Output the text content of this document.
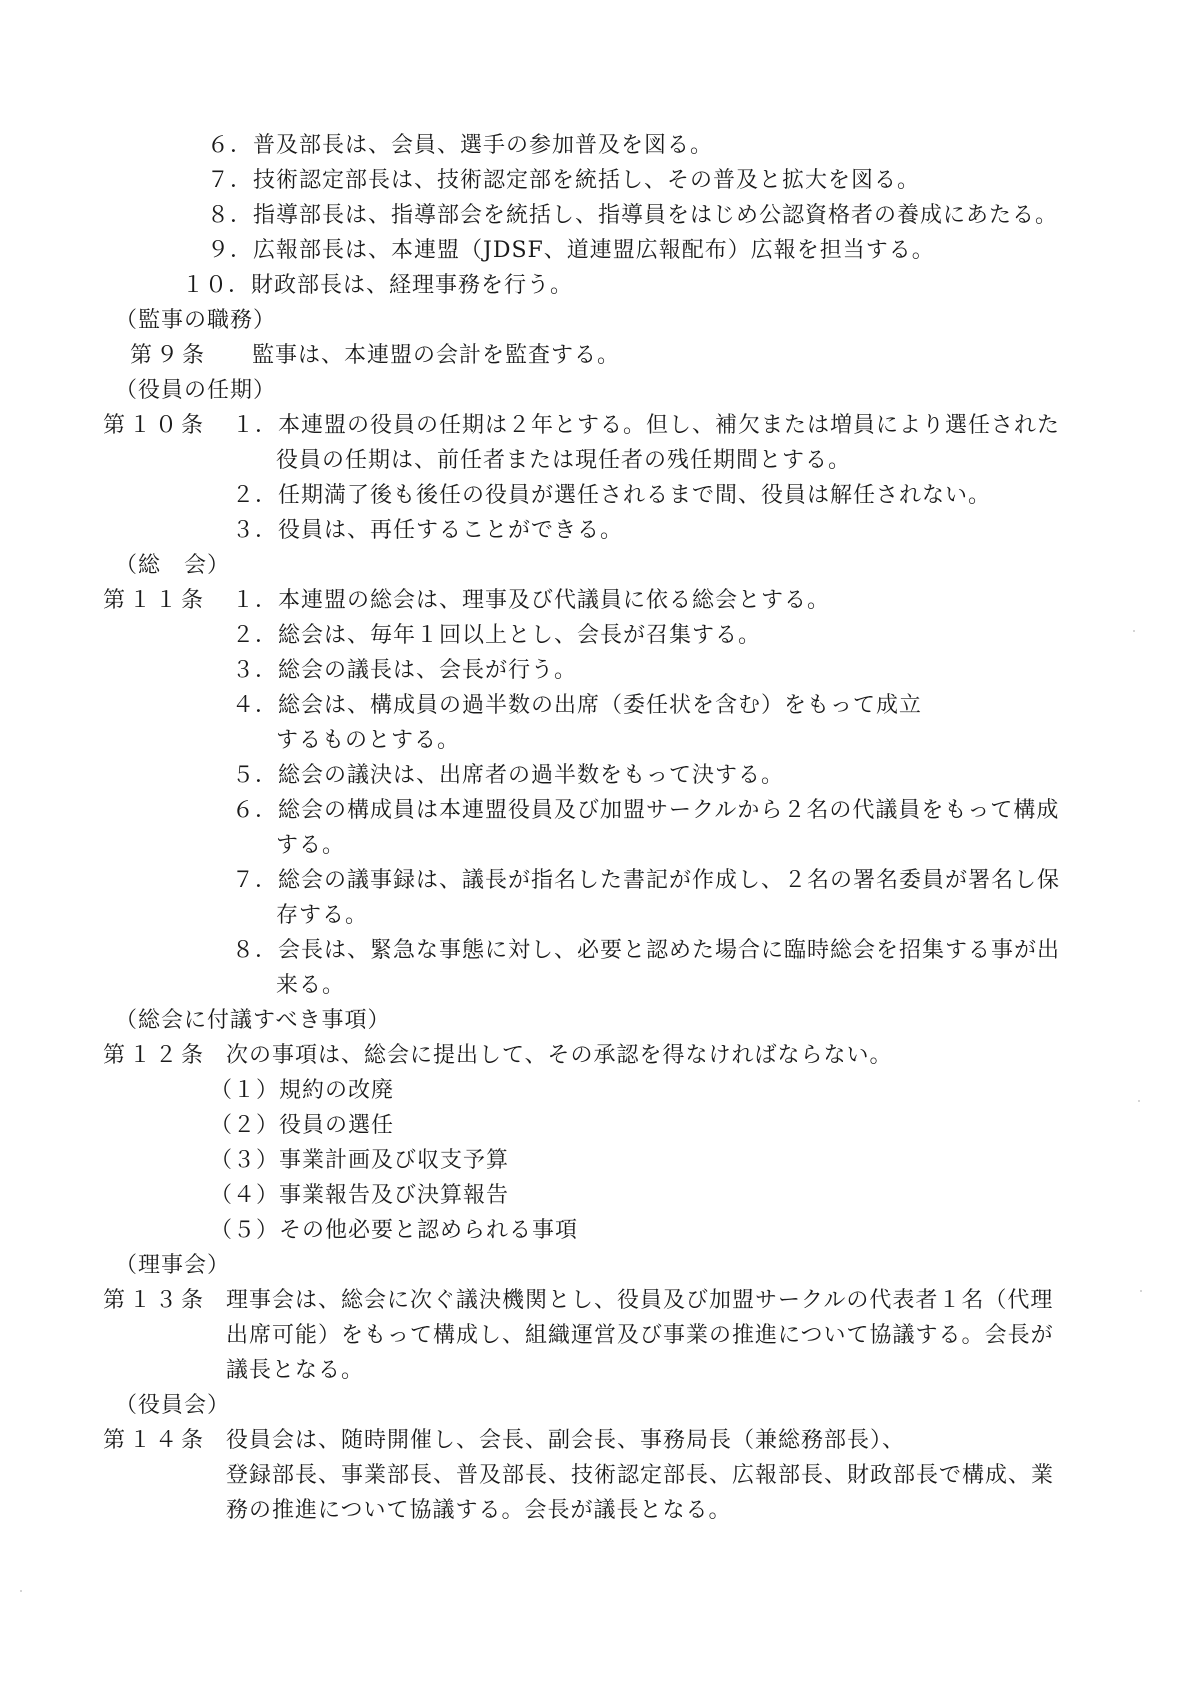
６．普及部長は、会員、選手の参加普及を図る。
７．技術認定部長は、技術認定部を統括し、その普及と拡大を図る。
８．指導部長は、指導部会を統括し、指導員をはじめ公認資格者の養成にあたる。
９．広報部長は、本連盟（JDSF、道連盟広報配布）広報を担当する。
１０．財政部長は、経理事務を行う。
（監事の職務）
第９条 監事は、本連盟の会計を監査する。
（役員の任期）
第１０条	１．本連盟の役員の任期は２年とする。但し、補欠または増員により選任された
役員の任期は、前任者または現任者の残任期間とする。
２．任期満了後も後任の役員が選任されるまで間、役員は解任されない。
３．役員は、再任することができる。
（総　会）
第１１条	１．本連盟の総会は、理事及び代議員に依る総会とする。
２．総会は、毎年１回以上とし、会長が召集する。
３．総会の議長は、会長が行う。
４．総会は、構成員の過半数の出席（委任状を含む）をもって成立
するものとする。
５．総会の議決は、出席者の過半数をもって決する。
６．総会の構成員は本連盟役員及び加盟サークルから２名の代議員をもって構成
する。
７．総会の議事録は、議長が指名した書記が作成し、２名の署名委員が署名し保
存する。
８．会長は、緊急な事態に対し、必要と認めた場合に臨時総会を招集する事が出
来る。
（総会に付議すべき事項）
第１２条 次の事項は、総会に提出して、その承認を得なければならない。
（１）規約の改廃
（２）役員の選任
（３）事業計画及び収支予算
（４）事業報告及び決算報告
（５）その他必要と認められる事項
（理事会）
第１３条 理事会は、総会に次ぐ議決機関とし、役員及び加盟サークルの代表者１名（代理
出席可能）をもって構成し、組織運営及び事業の推進について協議する。会長が
議長となる。
（役員会）
第１４条 役員会は、随時開催し、会長、副会長、事務局長（兼総務部長）、
登録部長、事業部長、普及部長、技術認定部長、広報部長、財政部長で構成、業
務の推進について協議する。会長が議長となる。
